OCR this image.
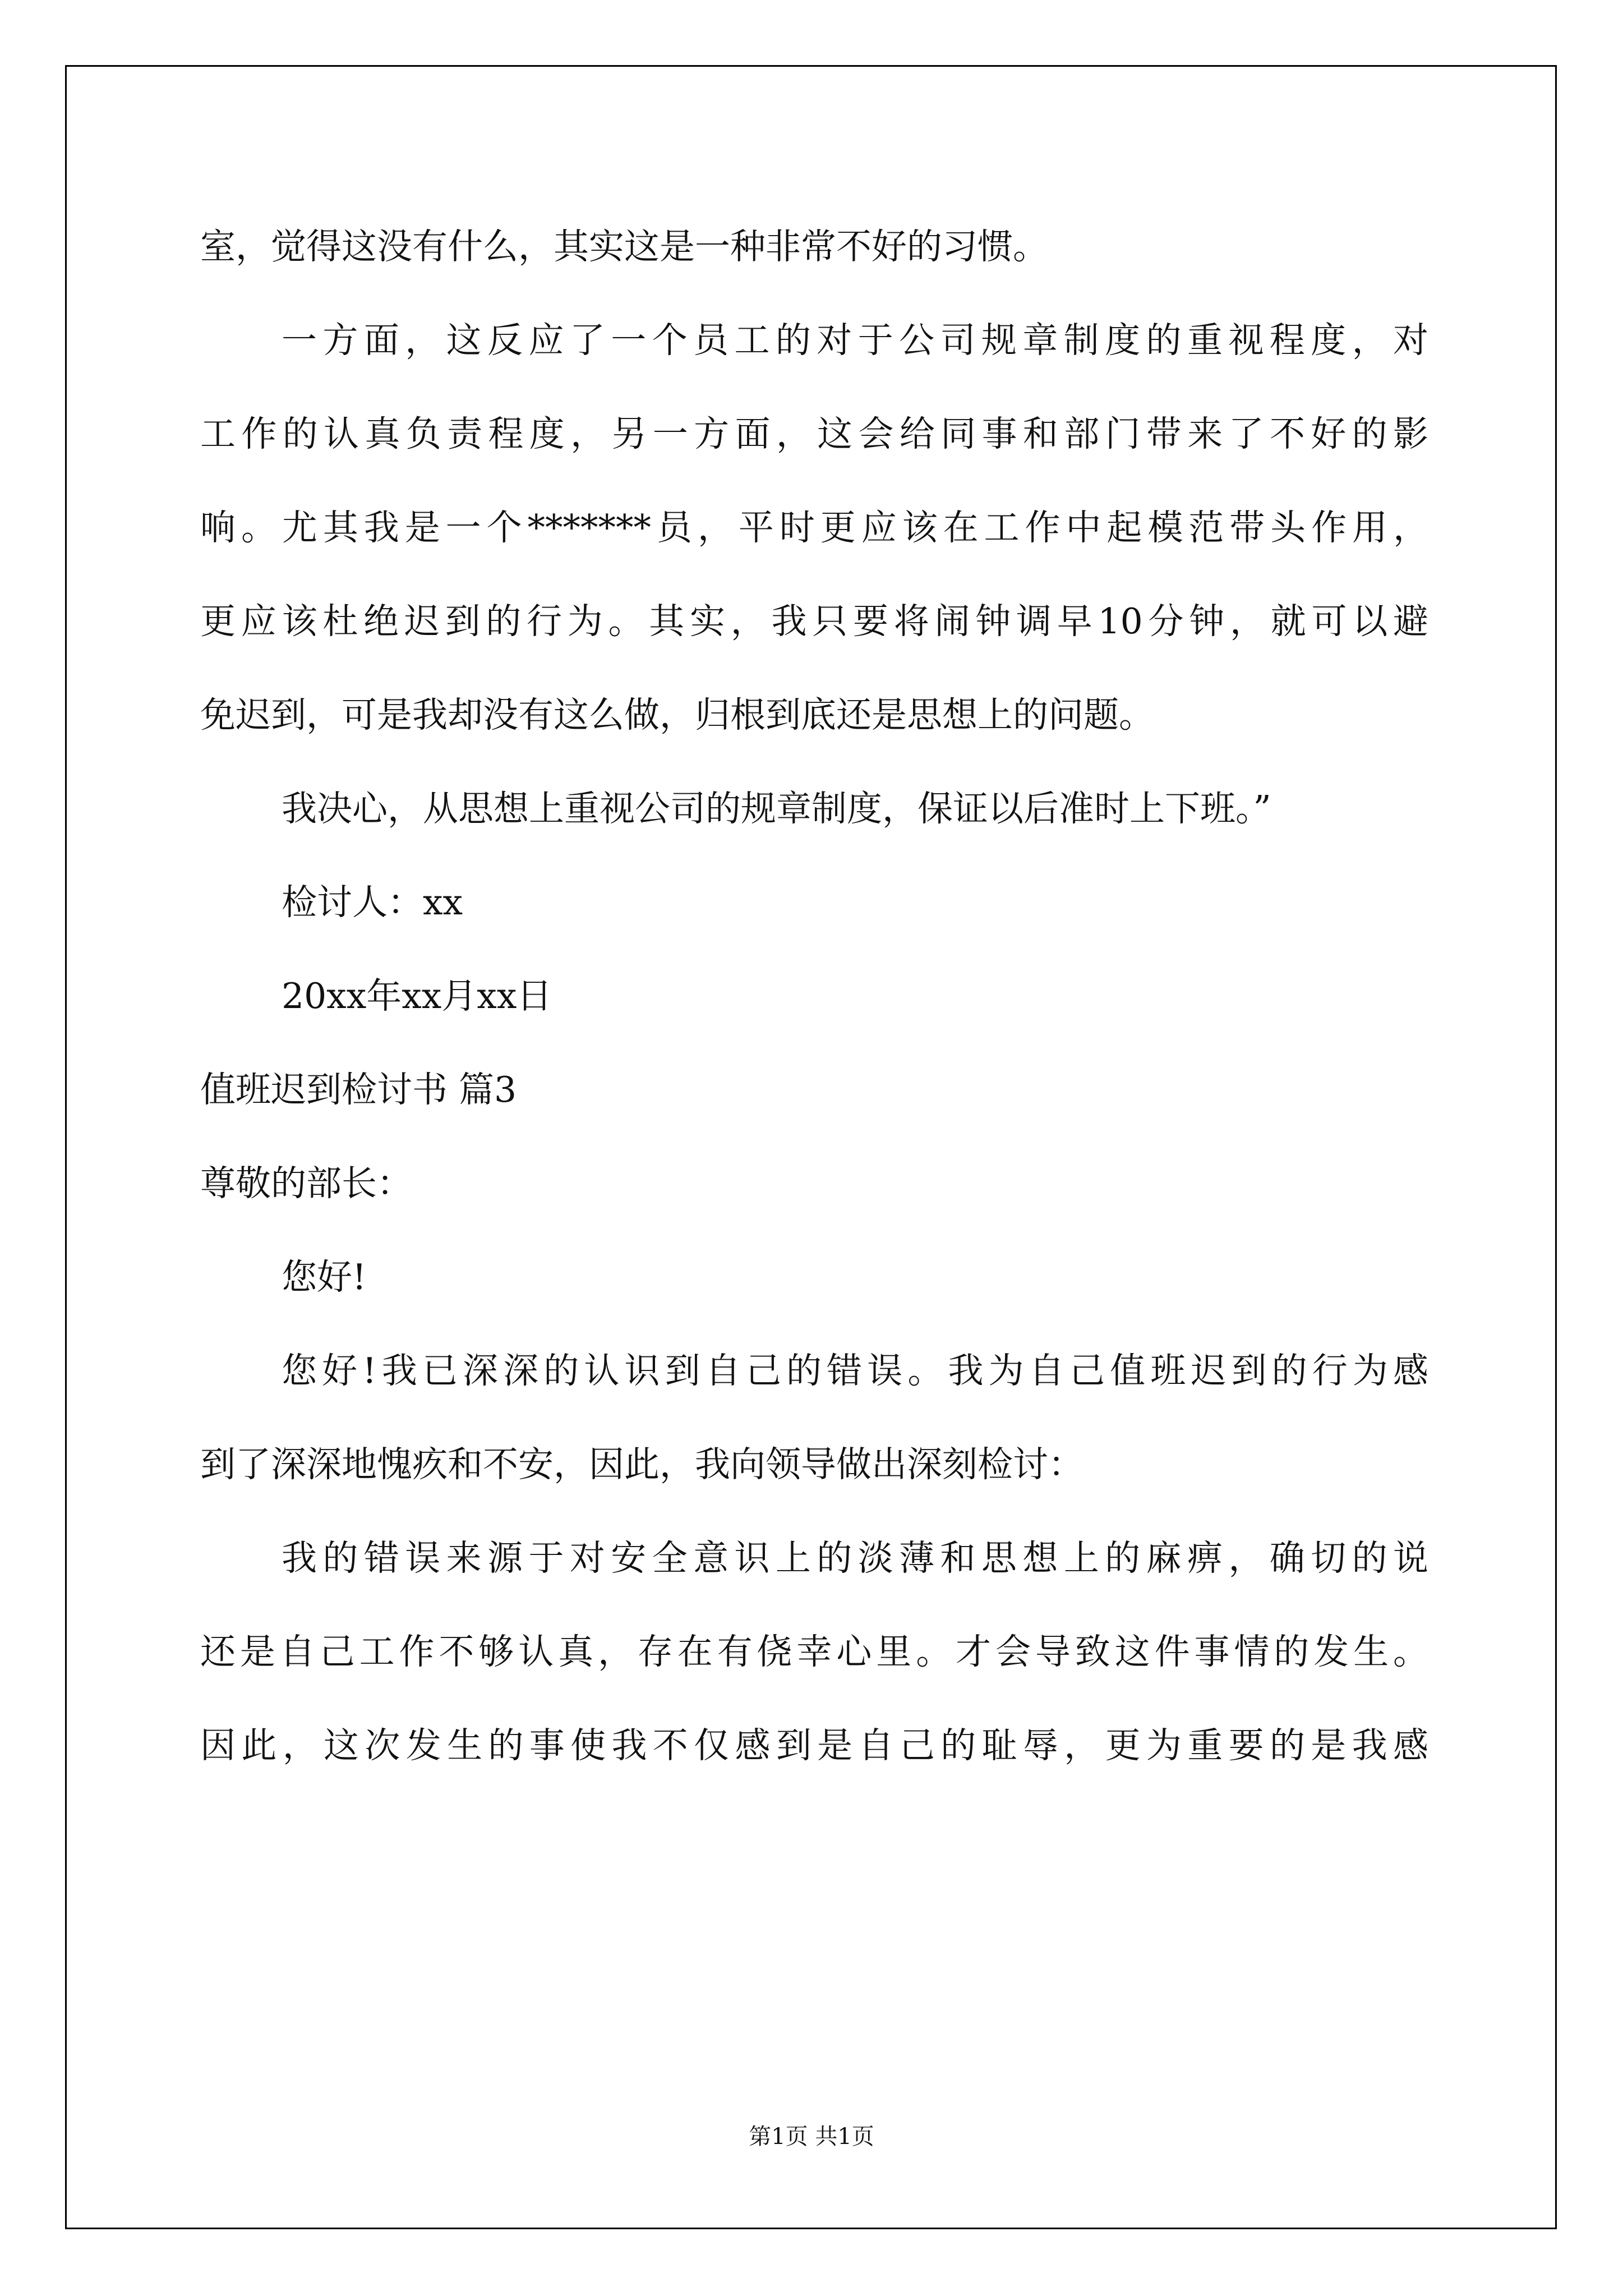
室，觉得这没有什么，其实这是一种非常不好的习惯。
一方面，这反应了一个员工的对于公司规章制度的重视程度，对
工作的认真负责程度，另一方面，这会给同事和部门带来了不好的影
响。尤其我是一个*******员，平时更应该在工作中起模范带头作用，
更应该杜绝迟到的行为。其实，我只要将闹钟调早10分钟，就可以避
免迟到，可是我却没有这么做，归根到底还是思想上的问题。
我决心，从思想上重视公司的规章制度，保证以后准时上下班。”
检讨人：xx
20xx年xx月xx日
值班迟到检讨书 篇3
尊敬的部长：
您好!
您好!我已深深的认识到自己的错误。我为自己值班迟到的行为感
到了深深地愧疚和不安，因此，我向领导做出深刻检讨：
我的错误来源于对安全意识上的淡薄和思想上的麻痹，确切的说
还是自己工作不够认真，存在有侥幸心里。才会导致这件事情的发生。
因此，这次发生的事使我不仅感到是自己的耻辱，更为重要的是我感
第1页 共1页
